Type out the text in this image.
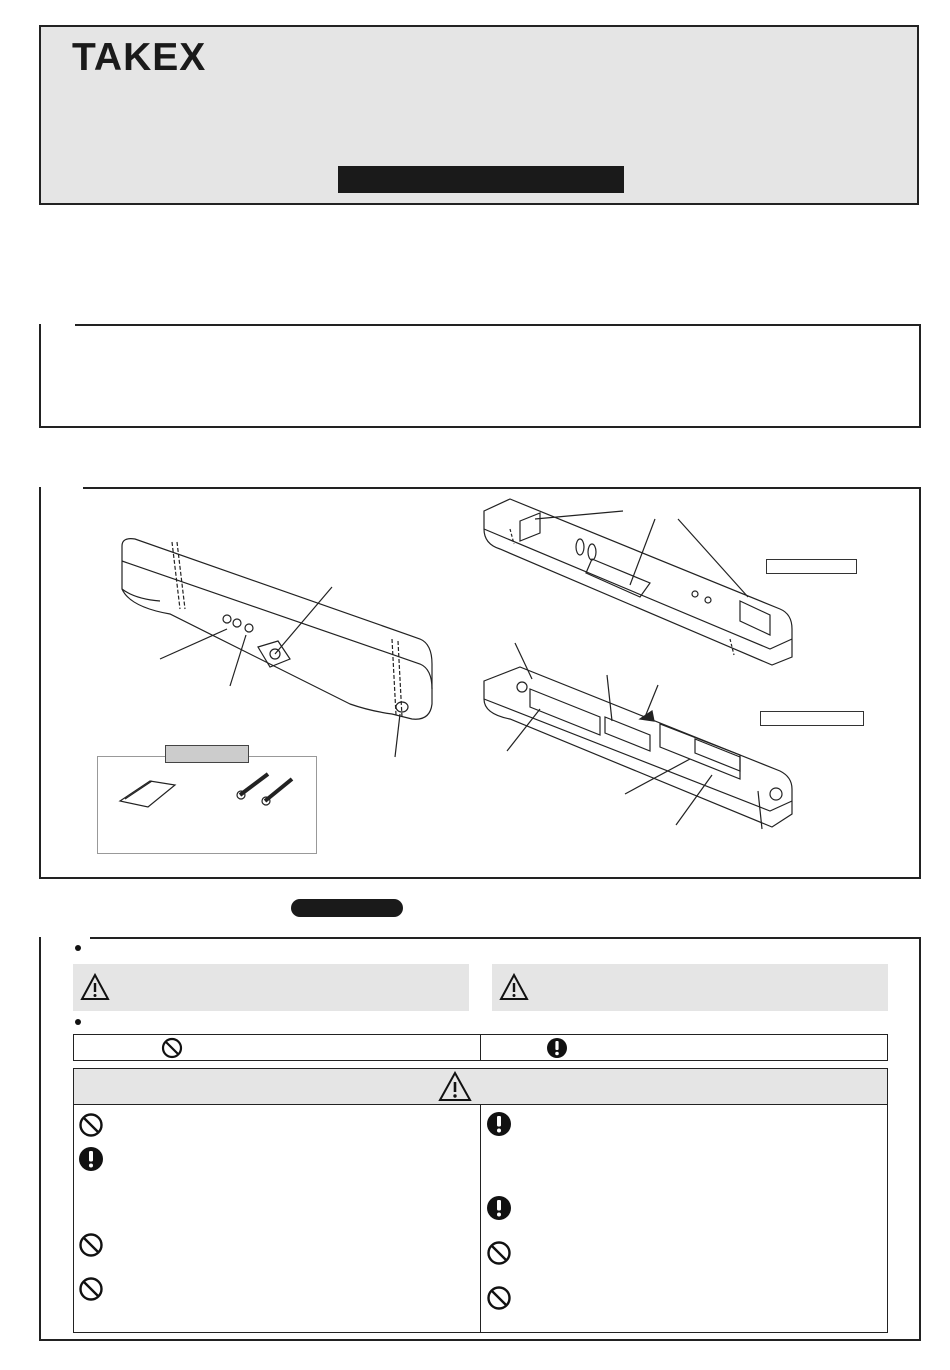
TAKEX
